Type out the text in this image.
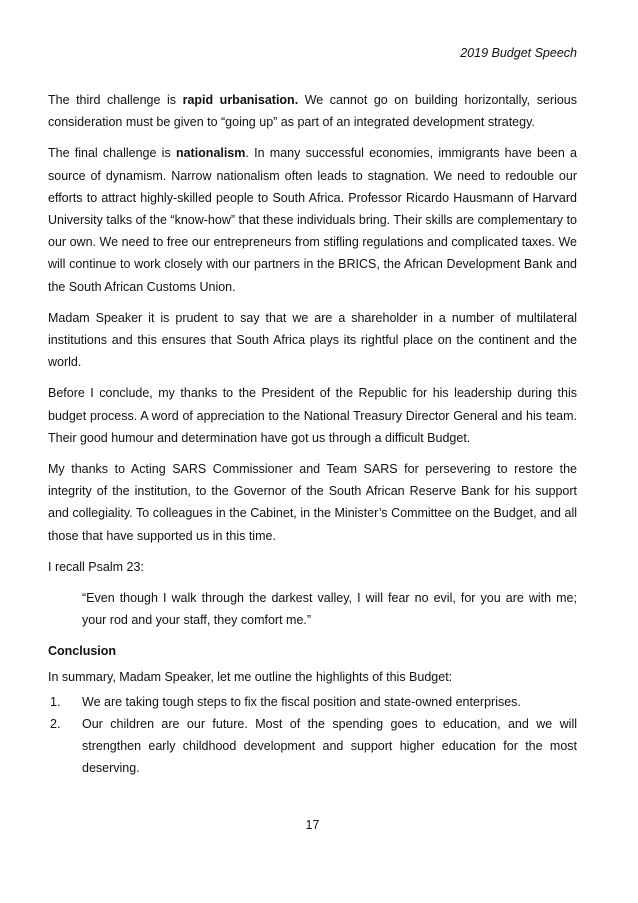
2019 Budget Speech

The third challenge is rapid urbanisation. We cannot go on building horizontally, serious consideration must be given to “going up” as part of an integrated development strategy.

The final challenge is nationalism. In many successful economies, immigrants have been a source of dynamism. Narrow nationalism often leads to stagnation. We need to redouble our efforts to attract highly-skilled people to South Africa. Professor Ricardo Hausmann of Harvard University talks of the “know-how” that these individuals bring. Their skills are complementary to our own. We need to free our entrepreneurs from stifling regulations and complicated taxes. We will continue to work closely with our partners in the BRICS, the African Development Bank and the South African Customs Union.

Madam Speaker it is prudent to say that we are a shareholder in a number of multilateral institutions and this ensures that South Africa plays its rightful place on the continent and the world.

Before I conclude, my thanks to the President of the Republic for his leadership during this budget process. A word of appreciation to the National Treasury Director General and his team. Their good humour and determination have got us through a difficult Budget.

My thanks to Acting SARS Commissioner and Team SARS for persevering to restore the integrity of the institution, to the Governor of the South African Reserve Bank for his support and collegiality. To colleagues in the Cabinet, in the Minister’s Committee on the Budget, and all those that have supported us in this time.

I recall Psalm 23:

“Even though I walk through the darkest valley, I will fear no evil, for you are with me; your rod and your staff, they comfort me.”

Conclusion

In summary, Madam Speaker, let me outline the highlights of this Budget:

1. We are taking tough steps to fix the fiscal position and state-owned enterprises.
2. Our children are our future. Most of the spending goes to education, and we will strengthen early childhood development and support higher education for the most deserving.
17
